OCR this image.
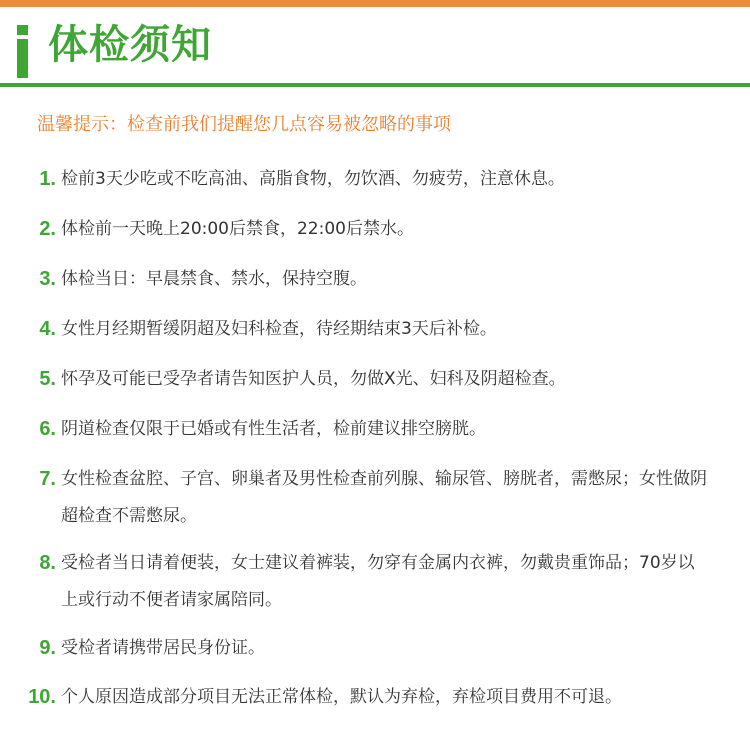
体检须知
温馨提示：检查前我们提醒您几点容易被忽略的事项
1. 检前3天少吃或不吃高油、高脂食物，勿饮酒、勿疲劳，注意休息。
2. 体检前一天晚上20:00后禁食，22:00后禁水。
3. 体检当日：早晨禁食、禁水，保持空腹。
4. 女性月经期暂缓阴超及妇科检查，待经期结束3天后补检。
5. 怀孕及可能已受孕者请告知医护人员，勿做X光、妇科及阴超检查。
6. 阴道检查仅限于已婚或有性生活者，检前建议排空膀胱。
7. 女性检查盆腔、子宫、卵巢者及男性检查前列腺、输尿管、膀胱者，需憋尿；女性做阴超检查不需憋尿。
8. 受检者当日请着便装，女士建议着裤装，勿穿有金属内衣裤，勿戴贵重饰品；70岁以上或行动不便者请家属陪同。
9. 受检者请携带居民身份证。
10. 个人原因造成部分项目无法正常体检，默认为弃检，弃检项目费用不可退。
